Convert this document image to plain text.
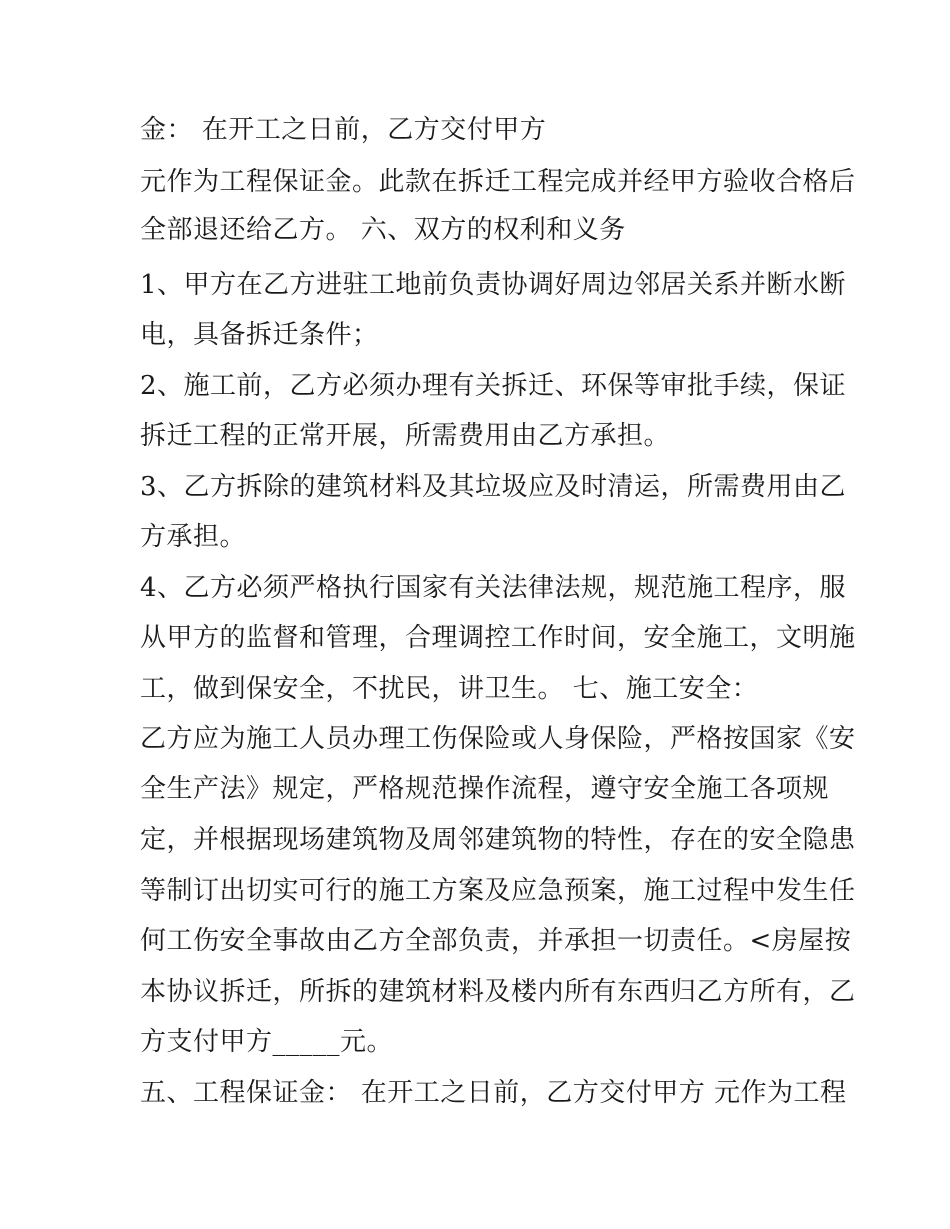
金： 在开工之日前，乙方交付甲方
元作为工程保证金。此款在拆迁工程完成并经甲方验收合格后
全部退还给乙方。 六、双方的权利和义务
1、甲方在乙方进驻工地前负责协调好周边邻居关系并断水断
电，具备拆迁条件；
2、施工前，乙方必须办理有关拆迁、环保等审批手续，保证
拆迁工程的正常开展，所需费用由乙方承担。
3、乙方拆除的建筑材料及其垃圾应及时清运，所需费用由乙
方承担。
4、乙方必须严格执行国家有关法律法规，规范施工程序，服
从甲方的监督和管理，合理调控工作时间，安全施工，文明施
工，做到保安全，不扰民，讲卫生。 七、施工安全：
乙方应为施工人员办理工伤保险或人身保险，严格按国家《安
全生产法》规定，严格规范操作流程，遵守安全施工各项规
定，并根据现场建筑物及周邻建筑物的特性，存在的安全隐患
等制订出切实可行的施工方案及应急预案，施工过程中发生任
何工伤安全事故由乙方全部负责，并承担一切责任。<房屋按
本协议拆迁，所拆的建筑材料及楼内所有东西归乙方所有，乙
方支付甲方_____元。
五、工程保证金： 在开工之日前，乙方交付甲方 元作为工程
